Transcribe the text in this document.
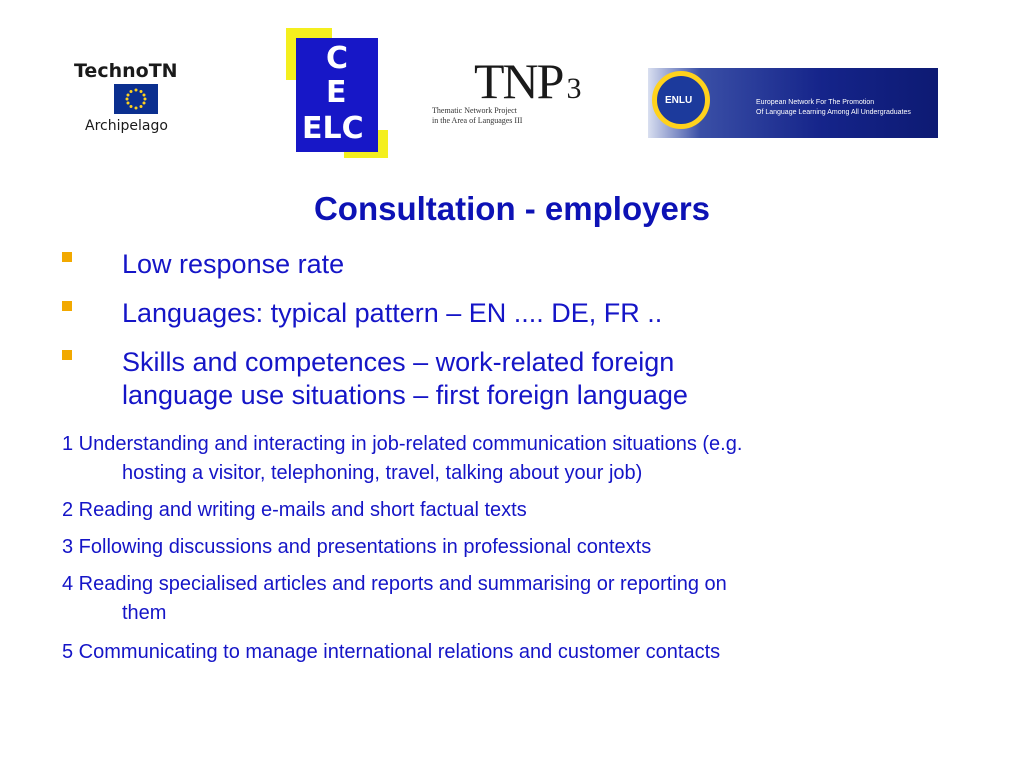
TechnoTN
Archipelago
C
E
ELC
TNP 3
Thematic Network Project
in the Area of Languages III
ENLU	European Network For The Promotion
Of Language Learning Among All Undergraduates
Consultation - employers
Low response rate
Languages: typical pattern – EN .... DE, FR ..
Skills and competences – work-related foreign
language use situations – first foreign language
1 Understanding and interacting in job-related communication situations (e.g.
hosting a visitor, telephoning, travel, talking about your job)
2 Reading and writing e-mails and short factual texts
3 Following discussions and presentations in professional contexts
4 Reading specialised articles and reports and summarising or reporting on
them
5 Communicating to manage international relations and customer contacts
